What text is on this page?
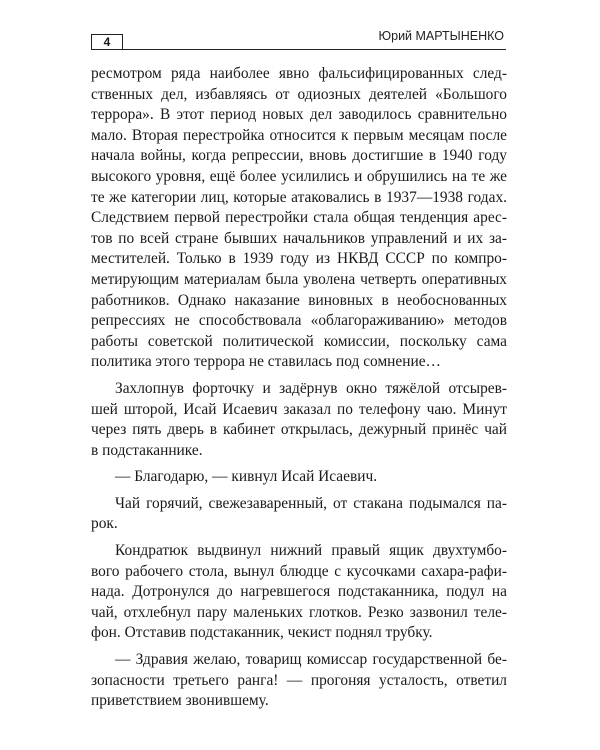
4	Юрий МАРТЫНЕНКО

ресмотром ряда наиболее явно фальсифицированных след-
ственных дел, избавляясь от одиозных деятелей «Большого
террора». В этот период новых дел заводилось сравнительно
мало. Вторая перестройка относится к первым месяцам после
начала войны, когда репрессии, вновь достигшие в 1940 году
высокого уровня, ещё более усилились и обрушились на те же
те же категории лиц, которые атаковались в 1937—1938 годах.
Следствием первой перестройки стала общая тенденция арес-
тов по всей стране бывших начальников управлений и их за-
местителей. Только в 1939 году из НКВД СССР по компро-
метирующим материалам была уволена четверть оперативных
работников. Однако наказание виновных в необоснованных
репрессиях не способствовала «облагораживанию» методов
работы советской политической комиссии, поскольку сама
политика этого террора не ставилась под сомнение…

Захлопнув форточку и задёрнув окно тяжёлой отсырев-
шей шторой, Исай Исаевич заказал по телефону чаю. Минут
через пять дверь в кабинет открылась, дежурный принёс чай
в подстаканнике.

— Благодарю, — кивнул Исай Исаевич.

Чай горячий, свежезаваренный, от стакана подымался па-
рок.

Кондратюк выдвинул нижний правый ящик двухтумбо-
вого рабочего стола, вынул блюдце с кусочками сахара-рафи-
нада. Дотронулся до нагревшегося подстаканника, подул на
чай, отхлебнул пару маленьких глотков. Резко зазвонил теле-
фон. Отставив подстаканник, чекист поднял трубку.

— Здравия желаю, товарищ комиссар государственной бе-
зопасности третьего ранга! — прогоняя усталость, ответил
приветствием звонившему.
